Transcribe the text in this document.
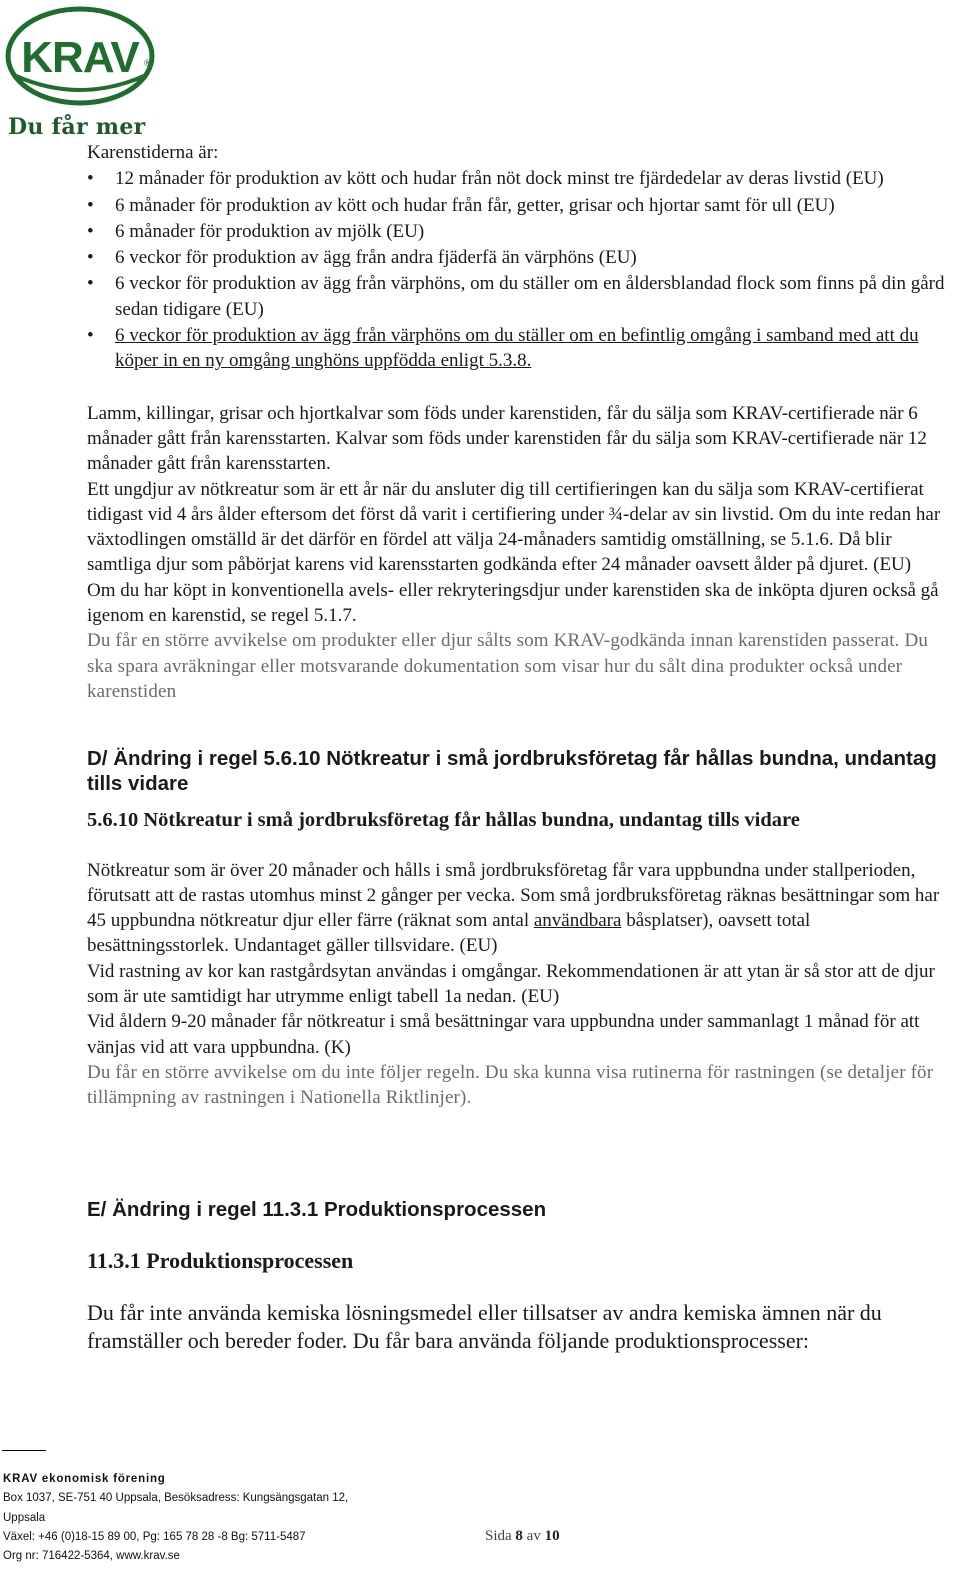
KRAV ®
Du får mer

Karenstiderna är:

• 12 månader för produktion av kött och hudar från nöt dock minst tre fjärdedelar av deras livstid (EU)
• 6 månader för produktion av kött och hudar från får, getter, grisar och hjortar samt för ull (EU)
• 6 månader för produktion av mjölk (EU)
• 6 veckor för produktion av ägg från andra fjäderfä än värphöns (EU)
• 6 veckor för produktion av ägg från värphöns, om du ställer om en åldersblandad flock som finns på din gård sedan tidigare (EU)
• 6 veckor för produktion av ägg från värphöns om du ställer om en befintlig omgång i samband med att du köper in en ny omgång unghöns uppfödda enligt 5.3.8.

Lamm, killingar, grisar och hjortkalvar som föds under karenstiden, får du sälja som KRAV-certifierade när 6 månader gått från karensstarten. Kalvar som föds under karenstiden får du sälja som KRAV-certifierade när 12 månader gått från karensstarten.

Ett ungdjur av nötkreatur som är ett år när du ansluter dig till certifieringen kan du sälja som KRAV-certifierat tidigast vid 4 års ålder eftersom det först då varit i certifiering under ¾-delar av sin livstid. Om du inte redan har växtodlingen omställd är det därför en fördel att välja 24-månaders samtidig omställning, se 5.1.6. Då blir samtliga djur som påbörjat karens vid karensstarten godkända efter 24 månader oavsett ålder på djuret. (EU)

Om du har köpt in konventionella avels- eller rekryteringsdjur under karenstiden ska de inköpta djuren också gå igenom en karenstid, se regel 5.1.7.

Du får en större avvikelse om produkter eller djur sålts som KRAV-godkända innan karenstiden passerat. Du ska spara avräkningar eller motsvarande dokumentation som visar hur du sålt dina produkter också under karenstiden

D/ Ändring i regel 5.6.10 Nötkreatur i små jordbruksföretag får hållas bundna, undantag tills vidare

5.6.10 Nötkreatur i små jordbruksföretag får hållas bundna, undantag tills vidare

Nötkreatur som är över 20 månader och hålls i små jordbruksföretag får vara uppbundna under stallperioden, förutsatt att de rastas utomhus minst 2 gånger per vecka. Som små jordbruksföretag räknas besättningar som har 45 uppbundna nötkreatur djur eller färre (räknat som antal användbara båsplatser), oavsett total besättningsstorlek. Undantaget gäller tillsvidare. (EU)

Vid rastning av kor kan rastgårdsytan användas i omgångar. Rekommendationen är att ytan är så stor att de djur som är ute samtidigt har utrymme enligt tabell 1a nedan. (EU)

Vid åldern 9-20 månader får nötkreatur i små besättningar vara uppbundna under sammanlagt 1 månad för att vänjas vid att vara uppbundna. (K)

Du får en större avvikelse om du inte följer regeln. Du ska kunna visa rutinerna för rastningen (se detaljer för tillämpning av rastningen i Nationella Riktlinjer).

E/ Ändring i regel 11.3.1 Produktionsprocessen

11.3.1 Produktionsprocessen

Du får inte använda kemiska lösningsmedel eller tillsatser av andra kemiska ämnen när du framställer och bereder foder. Du får bara använda följande produktionsprocesser:

KRAV ekonomisk förening
Box 1037, SE-751 40 Uppsala, Besöksadress: Kungsängsgatan 12,
Uppsala
Växel: +46 (0)18-15 89 00, Pg: 165 78 28 -8 Bg: 5711-5487
Org nr: 716422-5364, www.krav.se
Sida 8 av 10
